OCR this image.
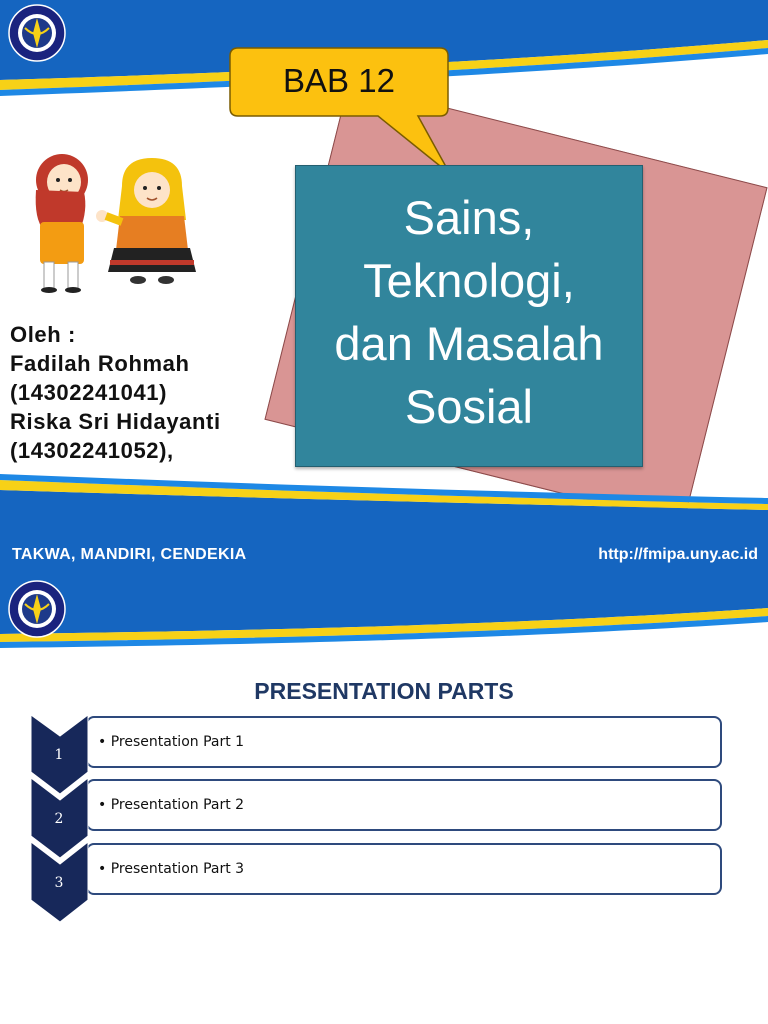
BAB 12
Sains,
Teknologi,
dan Masalah
Sosial
Oleh :
Fadilah Rohmah
(14302241041)
Riska Sri Hidayanti
(14302241052),
TAKWA, MANDIRI, CENDEKIA	http://fmipa.uny.ac.id
PRESENTATION PARTS
• Presentation Part 1
• Presentation Part 2
• Presentation Part 3
1
2
3
